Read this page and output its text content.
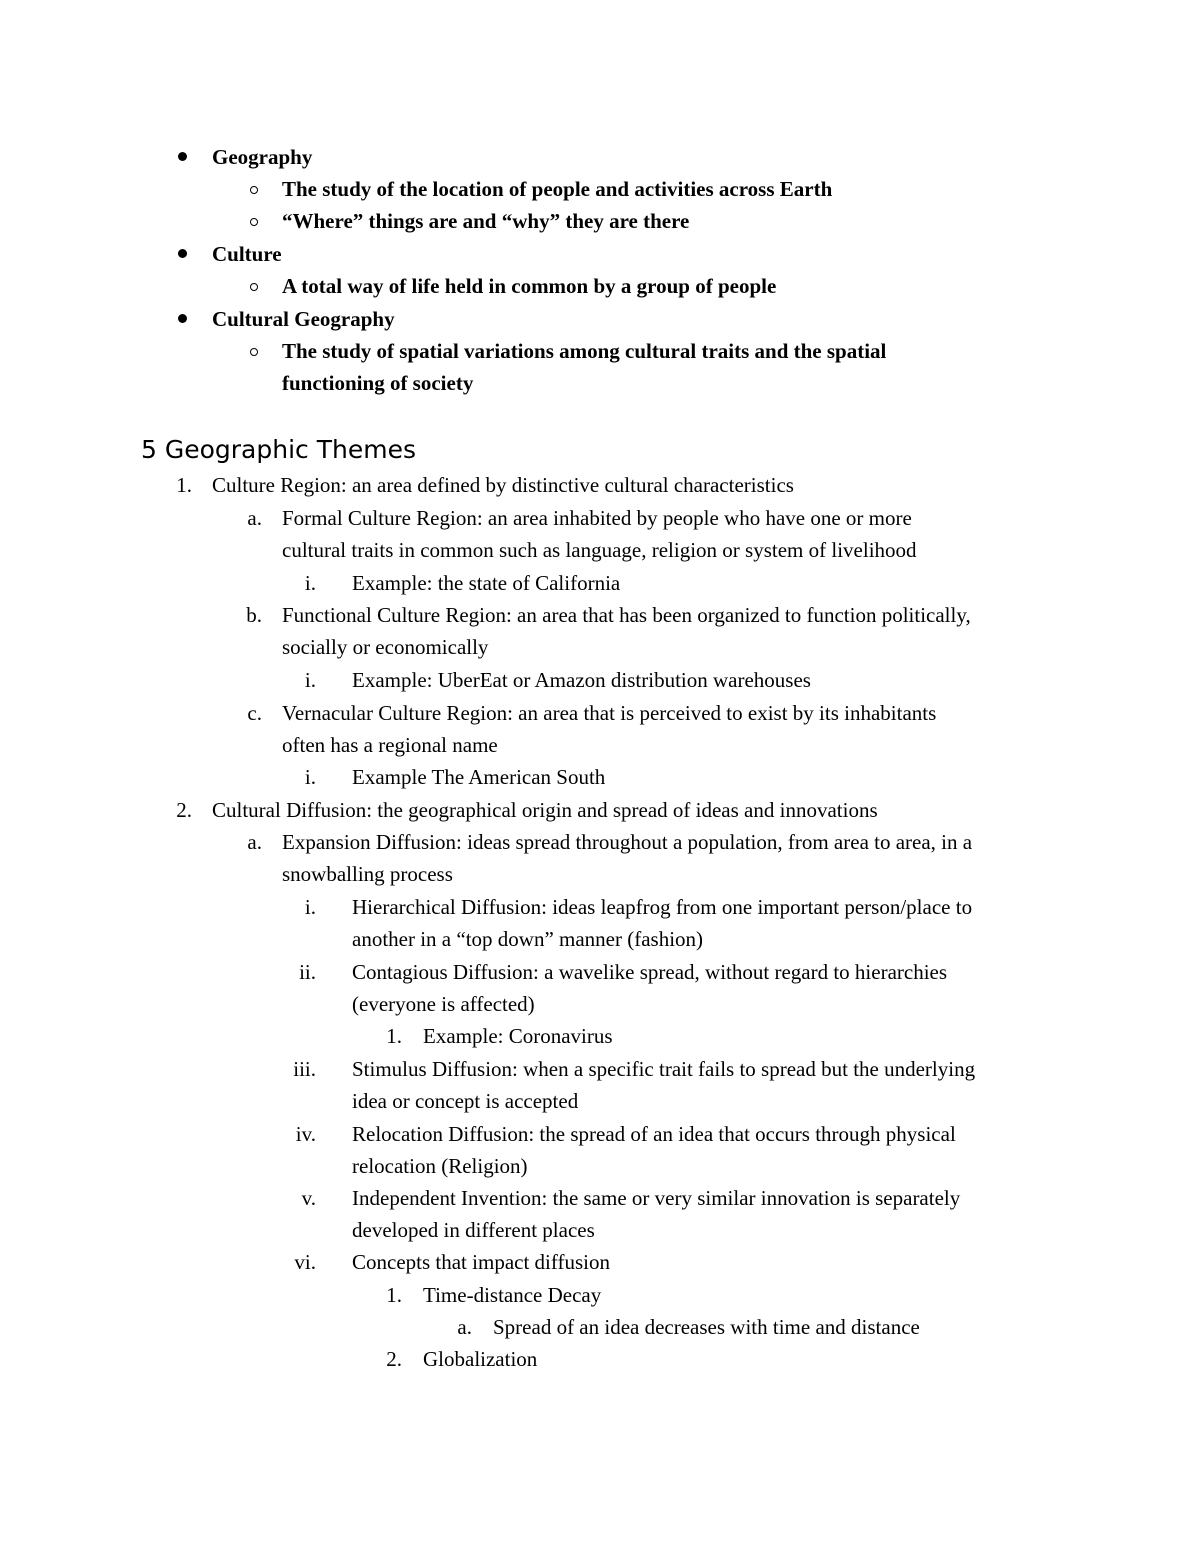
Geography
The study of the location of people and activities across Earth
“Where” things are and “why” they are there
Culture
A total way of life held in common by a group of people
Cultural Geography
The study of spatial variations among cultural traits and the spatial
functioning of society
5 Geographic Themes
1. Culture Region: an area defined by distinctive cultural characteristics
a. Formal Culture Region: an area inhabited by people who have one or more
cultural traits in common such as language, religion or system of livelihood
i. Example: the state of California
b. Functional Culture Region: an area that has been organized to function politically,
socially or economically
i. Example: UberEat or Amazon distribution warehouses
c. Vernacular Culture Region: an area that is perceived to exist by its inhabitants
often has a regional name
i. Example The American South
2. Cultural Diffusion: the geographical origin and spread of ideas and innovations
a. Expansion Diffusion: ideas spread throughout a population, from area to area, in a
snowballing process
i. Hierarchical Diffusion: ideas leapfrog from one important person/place to
another in a “top down” manner (fashion)
ii. Contagious Diffusion: a wavelike spread, without regard to hierarchies
(everyone is affected)
1. Example: Coronavirus
iii. Stimulus Diffusion: when a specific trait fails to spread but the underlying
idea or concept is accepted
iv. Relocation Diffusion: the spread of an idea that occurs through physical
relocation (Religion)
v. Independent Invention: the same or very similar innovation is separately
developed in different places
vi. Concepts that impact diffusion
1. Time-distance Decay
a. Spread of an idea decreases with time and distance
2. Globalization
